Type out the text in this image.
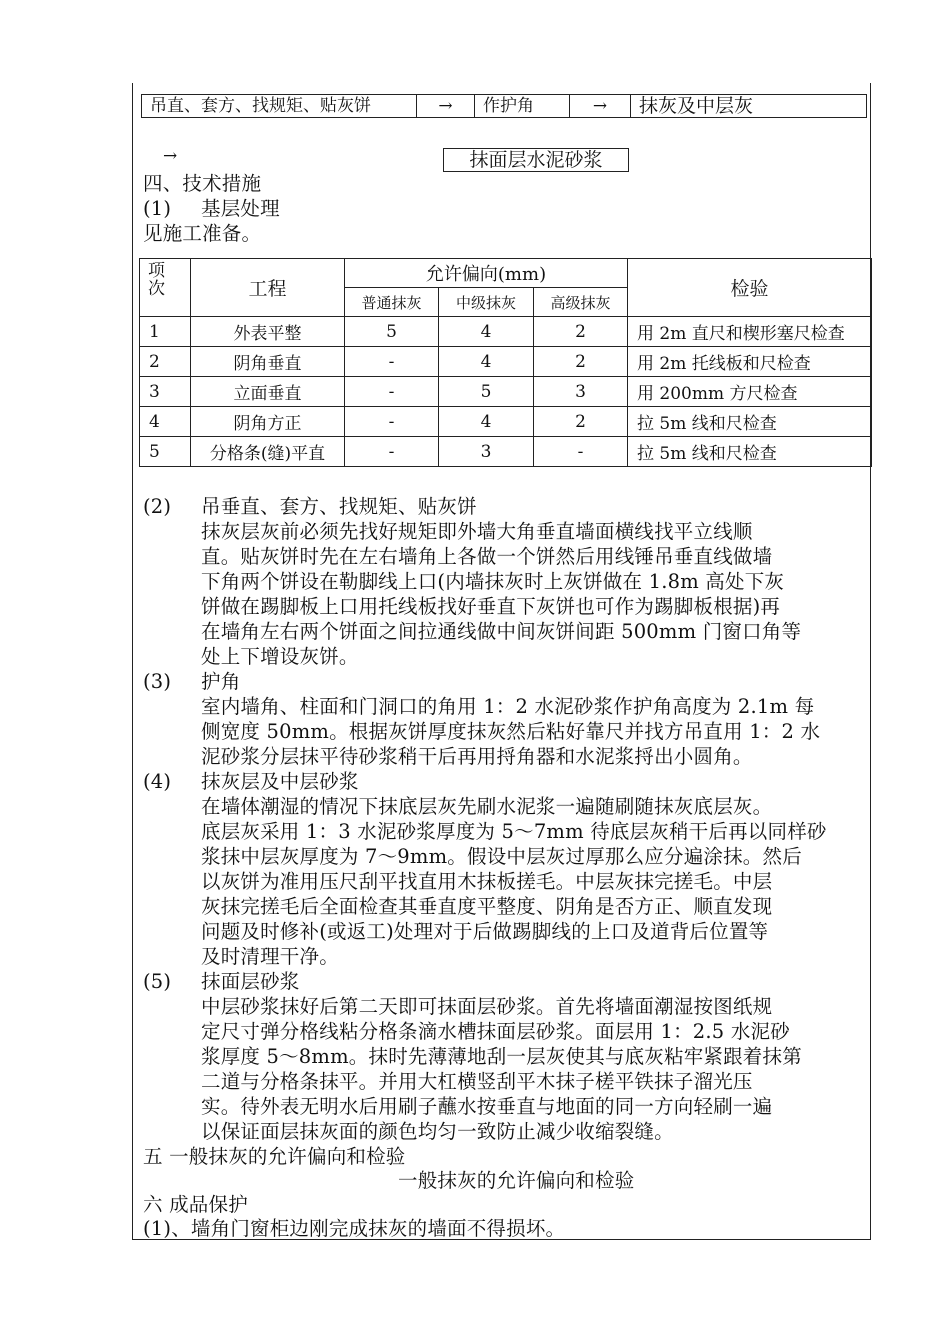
吊直、套方、找规矩、贴灰饼	→	作护角	→	抹灰及中层灰
→	抹面层水泥砂浆
四、技术措施
(1) 基层处理
见施工准备。
项
次	工程	允许偏向(mm)			检验
		普通抹灰	中级抹灰	高级抹灰	
1	外表平整	5	4	2	用 2m 直尺和楔形塞尺检查
2	阴角垂直	-	4	2	用 2m 托线板和尺检查
3	立面垂直	-	5	3	用 200mm 方尺检查
4	阴角方正	-	4	2	拉 5m 线和尺检查
5	分格条(缝)平直	-	3	-	拉 5m 线和尺检查
(2) 吊垂直、套方、找规矩、贴灰饼
抹灰层灰前必须先找好规矩即外墙大角垂直墙面横线找平立线顺
直。贴灰饼时先在左右墙角上各做一个饼然后用线锤吊垂直线做墙
下角两个饼设在勒脚线上口(内墙抹灰时上灰饼做在 1.8m 高处下灰
饼做在踢脚板上口用托线板找好垂直下灰饼也可作为踢脚板根据)再
在墙角左右两个饼面之间拉通线做中间灰饼间距 500mm 门窗口角等
处上下增设灰饼。
(3) 护角
室内墙角、柱面和门洞口的角用 1：2 水泥砂浆作护角高度为 2.1m 每
侧宽度 50mm。根据灰饼厚度抹灰然后粘好靠尺并找方吊直用 1：2 水
泥砂浆分层抹平待砂浆稍干后再用捋角器和水泥浆捋出小圆角。
(4) 抹灰层及中层砂浆
在墙体潮湿的情况下抹底层灰先刷水泥浆一遍随刷随抹灰底层灰。
底层灰采用 1：3 水泥砂浆厚度为 5～7mm 待底层灰稍干后再以同样砂
浆抹中层灰厚度为 7～9mm。假设中层灰过厚那么应分遍涂抹。然后
以灰饼为准用压尺刮平找直用木抹板搓毛。中层灰抹完搓毛。中层
灰抹完搓毛后全面检查其垂直度平整度、阴角是否方正、顺直发现
问题及时修补(或返工)处理对于后做踢脚线的上口及道背后位置等
及时清理干净。
(5) 抹面层砂浆
中层砂浆抹好后第二天即可抹面层砂浆。首先将墙面潮湿按图纸规
定尺寸弹分格线粘分格条滴水槽抹面层砂浆。面层用 1：2.5 水泥砂
浆厚度 5～8mm。抹时先薄薄地刮一层灰使其与底灰粘牢紧跟着抹第
二道与分格条抹平。并用大杠横竖刮平木抹子槎平铁抹子溜光压
实。待外表无明水后用刷子蘸水按垂直与地面的同一方向轻刷一遍
以保证面层抹灰面的颜色均匀一致防止减少收缩裂缝。
五 一般抹灰的允许偏向和检验
一般抹灰的允许偏向和检验
六 成品保护
(1)、墙角门窗柜边刚完成抹灰的墙面不得损坏。
